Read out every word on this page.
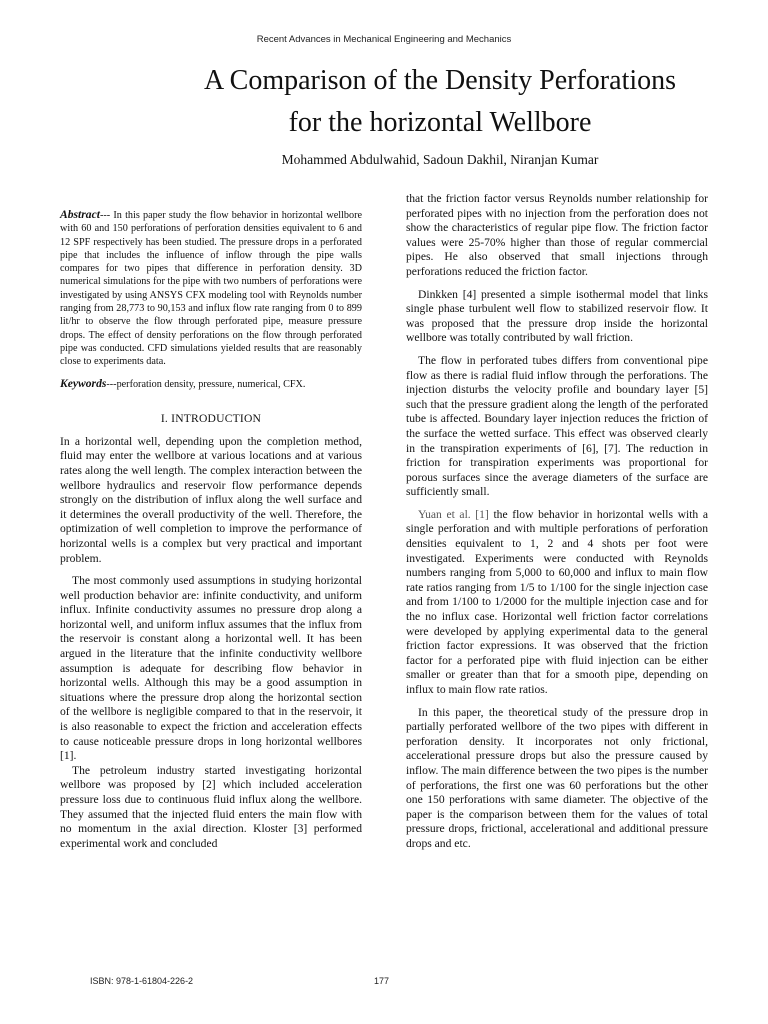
Recent Advances in Mechanical Engineering and Mechanics
A Comparison of the Density Perforations
for the horizontal Wellbore
Mohammed Abdulwahid, Sadoun Dakhil, Niranjan Kumar
Abstract--- In this paper study the flow behavior in horizontal wellbore with 60 and 150 perforations of perforation densities equivalent to 6 and 12 SPF respectively has been studied. The pressure drops in a perforated pipe that includes the influence of inflow through the pipe walls compares for two pipes that difference in perforation density. 3D numerical simulations for the pipe with two numbers of perforations were investigated by using ANSYS CFX modeling tool with Reynolds number ranging from 28,773 to 90,153 and influx flow rate ranging from 0 to 899 lit/hr to observe the flow through perforated pipe, measure pressure drops. The effect of density perforations on the flow through perforated pipe was conducted. CFD simulations yielded results that are reasonably close to experiments data.
Keywords---perforation density, pressure, numerical, CFX.
I. INTRODUCTION

In a horizontal well, depending upon the completion method, fluid may enter the wellbore at various locations and at various rates along the well length. The complex interaction between the wellbore hydraulics and reservoir flow performance depends strongly on the distribution of influx along the well surface and it determines the overall productivity of the well. Therefore, the optimization of well completion to improve the performance of horizontal wells is a complex but very practical and important problem.

The most commonly used assumptions in studying horizontal well production behavior are: infinite conductivity, and uniform influx. Infinite conductivity assumes no pressure drop along a horizontal well, and uniform influx assumes that the influx from the reservoir is constant along a horizontal well. It has been argued in the literature that the infinite conductivity wellbore assumption is adequate for describing flow behavior in horizontal wells. Although this may be a good assumption in situations where the pressure drop along the horizontal section of the wellbore is negligible compared to that in the reservoir, it is also reasonable to expect the friction and acceleration effects to cause noticeable pressure drops in long horizontal wellbores [1].

The petroleum industry started investigating horizontal wellbore was proposed by [2] which included acceleration pressure loss due to continuous fluid influx along the wellbore. They assumed that the injected fluid enters the main flow with no momentum in the axial direction. Kloster [3] performed experimental work and concluded

that the friction factor versus Reynolds number relationship for perforated pipes with no injection from the perforation does not show the characteristics of regular pipe flow. The friction factor values were 25-70% higher than those of regular commercial pipes. He also observed that small injections through perforations reduced the friction factor.

Dinkken [4] presented a simple isothermal model that links single phase turbulent well flow to stabilized reservoir flow. It was proposed that the pressure drop inside the horizontal wellbore was totally contributed by wall friction.

The flow in perforated tubes differs from conventional pipe flow as there is radial fluid inflow through the perforations. The injection disturbs the velocity profile and boundary layer [5] such that the pressure gradient along the length of the perforated tube is affected. Boundary layer injection reduces the friction of the surface the wetted surface. This effect was observed clearly in the transpiration experiments of [6], [7]. The reduction in friction for transpiration experiments was proportional for porous surfaces since the average diameters of the surface are sufficiently small.

Yuan et al. [1] the flow behavior in horizontal wells with a single perforation and with multiple perforations of perforation densities equivalent to 1, 2 and 4 shots per foot were investigated. Experiments were conducted with Reynolds numbers ranging from 5,000 to 60,000 and influx to main flow rate ratios ranging from 1/5 to 1/100 for the single injection case and from 1/100 to 1/2000 for the multiple injection case and for the no influx case. Horizontal well friction factor correlations were developed by applying experimental data to the general friction factor expressions. It was observed that the friction factor for a perforated pipe with fluid injection can be either smaller or greater than that for a smooth pipe, depending on influx to main flow rate ratios.

In this paper, the theoretical study of the pressure drop in partially perforated wellbore of the two pipes with different in perforation density. It incorporates not only frictional, accelerational pressure drops but also the pressure caused by inflow. The main difference between the two pipes is the number of perforations, the first one was 60 perforations but the other one 150 perforations with same diameter. The objective of the paper is the comparison between them for the values of total pressure drops, frictional, accelerational and additional pressure drops and etc.

ISBN: 978-1-61804-226-2	177
